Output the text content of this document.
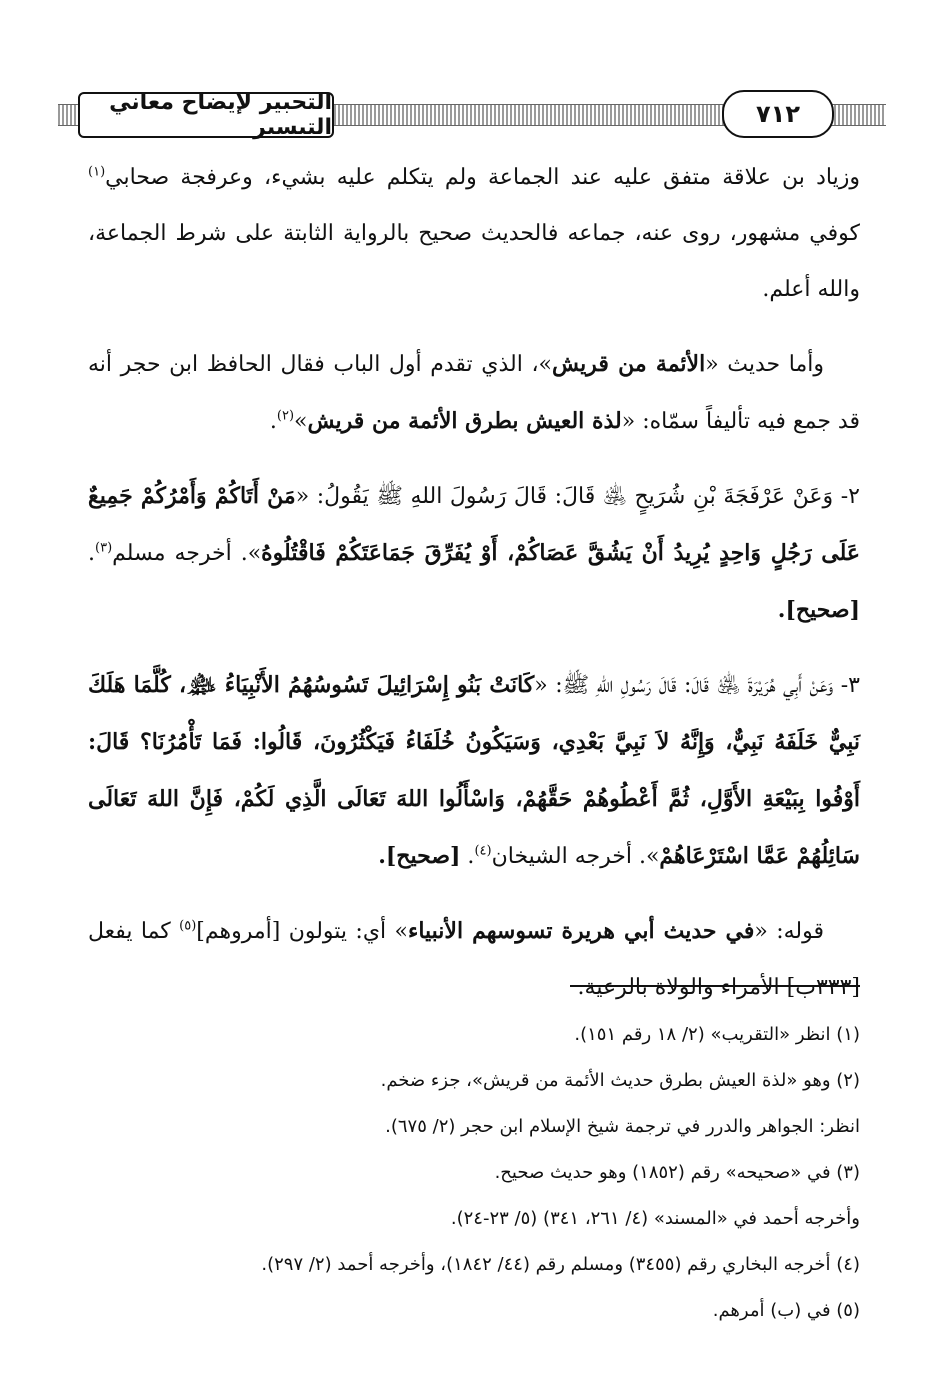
التحبير لإيضاح معاني التيسير	٧١٢

وزياد بن علاقة متفق عليه عند الجماعة ولم يتكلم عليه بشيء، وعرفجة صحابي$^{(١)}$ كوفي مشهور، روى عنه، جماعه فالحديث صحيح بالرواية الثابتة على شرط الجماعة، والله أعلم.

وأما حديث «الأئمة من قريش»، الذي تقدم أول الباب فقال الحافظ ابن حجر أنه قد جمع فيه تأليفاً سمّاه: «لذة العيش بطرق الأئمة من قريش»$^{(٢)}$.

٢- وَعَنْ عَرْفَجَةَ بْنِ شُرَيحٍ ﵁ قَالَ: قَالَ رَسُولَ اللهِ ﷺ يَقُولُ: «مَنْ أَتَاكُمْ وَأَمْرُكُمْ جَمِيعٌ عَلَى رَجُلٍ وَاحِدٍ يُرِيدُ أَنْ يَشُقَّ عَصَاكُمْ، أَوْ يُفَرِّقَ جَمَاعَتَكُمْ فَاقْتُلُوهُ». أخرجه مسلم$^{(٣)}$. [صحيح].

٣- وَعَنْ أَبِي هُرَيْرَةَ ﵁ قَالَ: قَالَ رَسُولِ اللهِ ﷺ: «كَانَتْ بَنُو إِسْرَائِيلَ تَسُوسُهُمُ الأَنْبِيَاءُ ﵈، كُلَّمَا هَلَكَ نَبِيٌّ خَلَفَهُ نَبِيٌّ، وَإِنَّهُ لاَ نَبِيَّ بَعْدِي، وَسَيَكُونُ خُلَفَاءُ فَيَكْثُرُونَ، قَالُوا: فَمَا تَأْمُرُنَا؟ قَالَ: أَوْفُوا بِبَيْعَةِ الأَوَّلِ، ثُمَّ أَعْطُوهُمْ حَقَّهُمْ، وَاسْأَلُوا اللهَ تَعَالَى الَّذِي لَكُمْ، فَإِنَّ اللهَ تَعَالَى سَائِلُهُمْ عَمَّا اسْتَرْعَاهُمْ». أخرجه الشيخان$^{(٤)}$. [صحيح].

قوله: «في حديث أبي هريرة تسوسهم الأنبياء» أي: يتولون [أمروهم]$^{(٥)}$ كما يفعل [٣٣٣ب] الأمراء والولاة بالرعية.

(١) انظر «التقريب» (٢/ ١٨ رقم ١٥١).

(٢) وهو «لذة العيش بطرق حديث الأئمة من قريش»، جزء ضخم.

انظر: الجواهر والدرر في ترجمة شيخ الإسلام ابن حجر (٢/ ٦٧٥).

(٣) في «صحيحه» رقم (١٨٥٢) وهو حديث صحيح.

وأخرجه أحمد في «المسند» (٤/ ٢٦١، ٣٤١) (٥/ ٢٣-٢٤).

(٤) أخرجه البخاري رقم (٣٤٥٥) ومسلم رقم (٤٤/ ١٨٤٢)، وأخرجه أحمد (٢/ ٢٩٧).

(٥) في (ب) أمرهم.
